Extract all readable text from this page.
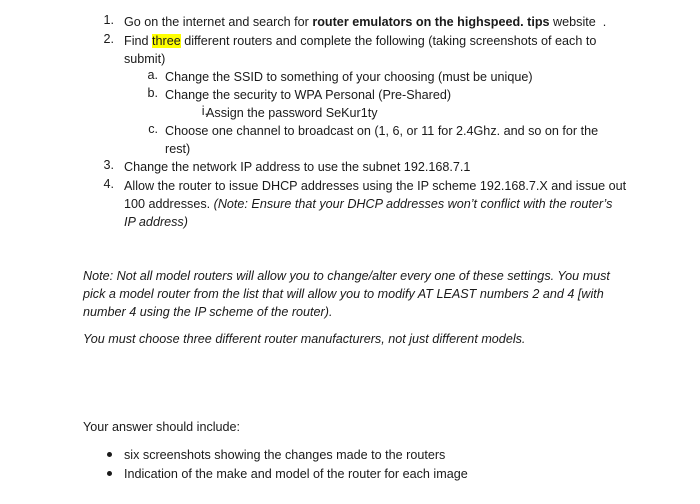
1. Go on the internet and search for router emulators on the highspeed. tips website .
2. Find three different routers and complete the following (taking screenshots of each to
submit)
a. Change the SSID to something of your choosing (must be unique)
b. Change the security to WPA Personal (Pre-Shared)
i.
Assign the password SeKur1ty
c. Choose one channel to broadcast on (1, 6, or 11 for 2.4Ghz. and so on for the
rest)
3. Change the network IP address to use the subnet 192.168.7.1
4. Allow the router to issue DHCP addresses using the IP scheme 192.168.7.X and issue out
100 addresses. (Note: Ensure that your DHCP addresses won’t conflict with the router’s
IP address)
Note: Not all model routers will allow you to change/alter every one of these settings. You must
pick a model router from the list that will allow you to modify AT LEAST numbers 2 and 4 [with
number 4 using the IP scheme of the router).
You must choose three different router manufacturers, not just different models.
Your answer should include:
six screenshots showing the changes made to the routers
Indication of the make and model of the router for each image
